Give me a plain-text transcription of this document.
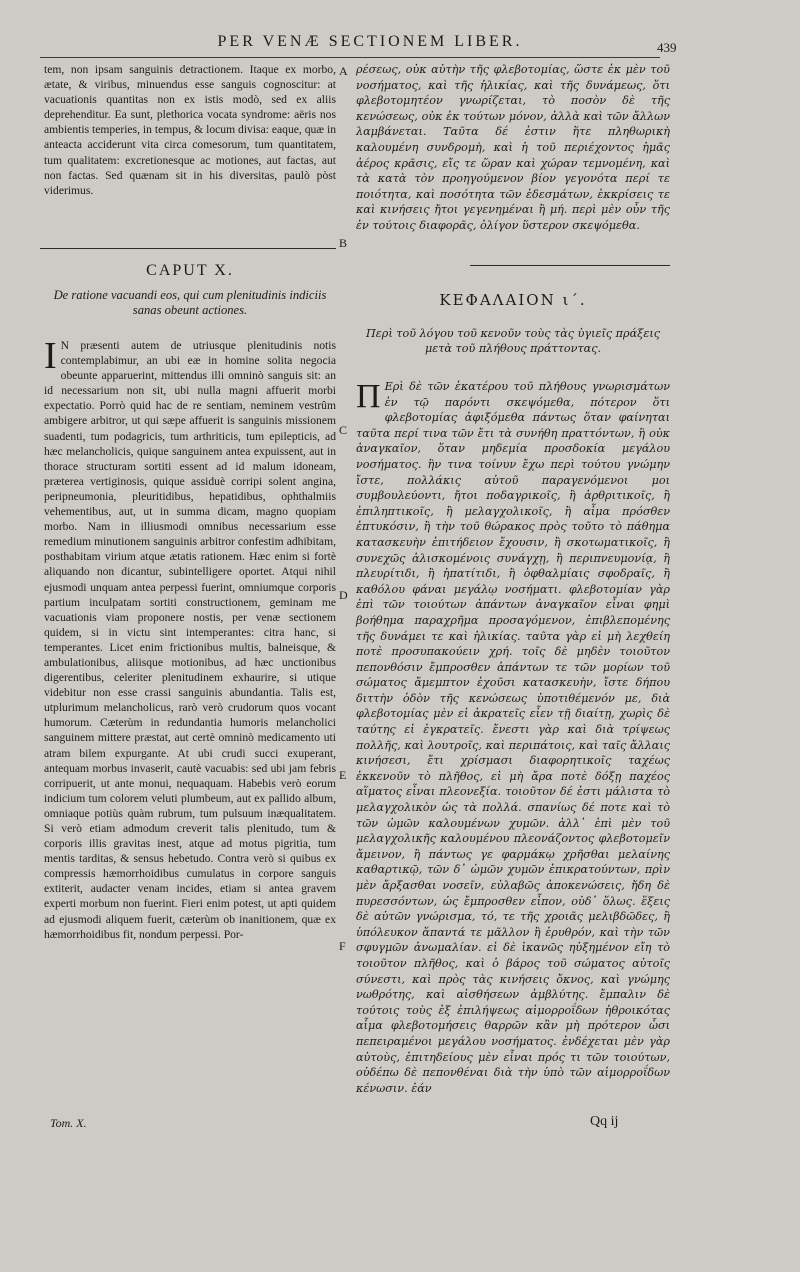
PER VENÆ SECTIONEM LIBER.	439

tem, non ipsam sanguinis detractionem. Itaque ex morbo, ætate, & viribus, minuendus esse sanguis cognoscitur: at vacuationis quantitas non ex istis modò, sed ex aliis deprehenditur. Ea sunt, plethorica vocata syndrome: aëris nos ambientis temperies, in tempus, & locum divisa: eaque, quæ in anteacta acciderunt vita circa comesorum, tum quantitatem, tum qualitatem: excretionesque ac motiones, aut factas, aut non factas. Sed quænam sit in his diversitas, paulò pòst viderimus.

CAPUT X.
De ratione vacuandi eos, qui cum plenitudinis indiciis sanas obeunt actiones.

I N præsenti autem de utriusque plenitudinis notis contemplabimur, an ubi eæ in homine solita negocia obeunte apparuerint, mittendus illi omninò sanguis sit: an id necessarium non sit, ubi nulla magni affuerit morbi expectatio. Porrò quid hac de re sentiam, neminem vestrûm ambigere arbitror, ut qui sæpe affuerit is sanguinis missionem suadenti, tum podagricis, tum arthriticis, tum epilepticis, ad hæc melancholicis, quique sanguinem antea expuissent, aut in thorace structuram sortiti essent ad id malum idoneam, præterea vertiginosis, quique assiduè corripi solent angina, peripneumonia, pleuritidibus, hepatidibus, ophthalmiis vehementibus, aut, ut in summa dicam, magno quopiam morbo. Nam in illiusmodi omnibus necessarium esse remedium minutionem sanguinis arbitror confestim adhibitam, posthabitam virium atque ætatis rationem. Hæc enim si fortè aliquando non dicantur, subintelligere oportet. Atqui nihil ejusmodi unquam antea perpessi fuerint, omniumque corporis partium inculpatam sortiti constructionem, geminam me vacuationis viam proponere nostis, per venæ sectionem quidem, si in victu sint intemperantes: citra hanc, si temperantes. Licet enim frictionibus multis, balneisque, & ambulationibus, aliisque motionibus, ad hæc unctionibus digerentibus, celeriter plenitudinem exhaurire, si utique videbitur non esse crassi sanguinis abundantia. Talis est, utplurimum melancholicus, rarò verò crudorum quos vocant humorum. Cæterùm in redundantia humoris melancholici sanguinem mittere præstat, aut certè omninò medicamento uti atram bilem expurgante. At ubi crudi succi exuperant, antequam morbus invaserit, cautè vacuabis: sed ubi jam febris corripuerit, ut ante monui, nequaquam. Habebis verò eorum indicium tum colorem veluti plumbeum, aut ex pallido album, omniaque potiùs quàm rubrum, tum pulsuum inæqualitatem. Si verò etiam admodum creverit talis plenitudo, tum & corporis illis gravitas inest, atque ad motus pigritia, tum mentis tarditas, & sensus hebetudo. Contra verò si quibus ex compressis hæmorrhoidibus cumulatus in corpore sanguis extiterit, audacter venam incides, etiam si antea gravem experti morbum non fuerint. Fieri enim potest, ut apti quidem ad ejusmodi aliquem fuerit, cæterùm ob inanitionem, quæ ex hæmorrhoidibus fit, nondum perpessi. Por-

A
B
C
D
E
F

ρέσεως, οὐκ αὐτὴν τῆς φλεβοτομίας, ὥστε ἐκ μὲν τοῦ νοσήματος, καὶ τῆς ἡλικίας, καὶ τῆς δυνάμεως, ὅτι φλεβοτομητέον γνωρίζεται, τὸ ποσὸν δὲ τῆς κενώσεως, οὐκ ἐκ τούτων μόνον, ἀλλὰ καὶ τῶν ἄλλων λαμβάνεται. Ταῦτα δέ ἐστιν ἥτε πληθωρικὴ καλουμένη συνδρομὴ, καὶ ἡ τοῦ περιέχοντος ἡμᾶς ἀέρος κρᾶσις, εἴς τε ὥραν καὶ χώραν τεμνομένη, καὶ τὰ κατὰ τὸν προηγούμενον βίον γεγονότα περί τε ποιότητα, καὶ ποσότητα τῶν ἐδεσμάτων, ἐκκρίσεις τε καὶ κινήσεις ἤτοι γεγενημέναι ἢ μή. περὶ μὲν οὖν τῆς ἐν τούτοις διαφορᾶς, ὀλίγον ὕστερον σκεψόμεθα.

ΚΕΦΑΛΑΙΟΝ ι΄.
Περὶ τοῦ λόγου τοῦ κενοῦν τοὺς τὰς ὑγιεῖς πράξεις μετὰ τοῦ πλήθους πράττοντας.

Π Ερὶ δὲ τῶν ἑκατέρου τοῦ πλήθους γνωρισμάτων ἐν τῷ παρόντι σκεψόμεθα, πότερον ὅτι φλεβοτομίας ἀφιξόμεθα πάντως ὅταν φαίνηται ταῦτα περί τινα τῶν ἔτι τὰ συνήθη πραττόντων, ἢ οὐκ ἀναγκαῖον, ὅταν μηδεμία προσδοκία μεγάλου νοσήματος. ἣν τινα τοίνυν ἔχω περὶ τούτου γνώμην ἴστε, πολλάκις αὐτοῦ παραγενόμενοι μοι συμβουλεύοντι, ἤτοι ποδαγρικοῖς, ἢ ἀρθριτικοῖς, ἢ ἐπιληπτικοῖς, ἢ μελαγχολικοῖς, ἢ αἷμα πρόσθεν ἐπτυκόσιν, ἢ τὴν τοῦ θώρακος πρὸς τοῦτο τὸ πάθημα κατασκευὴν ἐπιτήδειον ἔχουσιν, ἢ σκοτωματικοῖς, ἢ συνεχῶς ἁλισκομένοις συνάγχῃ, ἢ περιπνευμονίᾳ, ἢ πλευρίτιδι, ἢ ἡπατίτιδι, ἢ ὀφθαλμίαις σφοδραῖς, ἢ καθόλου φάναι μεγάλῳ νοσήματι. φλεβοτομίαν γὰρ ἐπὶ τῶν τοιούτων ἁπάντων ἀναγκαῖον εἶναι φημὶ βοήθημα παραχρῆμα προσαγόμενον, ἐπιβλεπομένης τῆς δυνάμει τε καὶ ἡλικίας. ταῦτα γὰρ εἰ μὴ λεχθείη ποτὲ προσυπακούειν χρή. τοῖς δὲ μηδὲν τοιοῦτον πεπονθόσιν ἔμπροσθεν ἁπάντων τε τῶν μορίων τοῦ σώματος ἄμεμπτον ἐχοῦσι κατασκευὴν, ἴστε δήπου διττὴν ὁδὸν τῆς κενώσεως ὑποτιθέμενόν με, διὰ φλεβοτομίας μὲν εἰ ἀκρατεῖς εἶεν τῇ διαίτῃ, χωρὶς δὲ ταύτης εἰ ἐγκρατεῖς. ἔνεστι γὰρ καὶ διὰ τρίψεως πολλῆς, καὶ λουτροῖς, καὶ περιπάτοις, καὶ ταῖς ἄλλαις κινήσεσι, ἔτι χρίσμασι διαφορητικοῖς ταχέως ἐκκενοῦν τὸ πλῆθος, εἰ μὴ ἄρα ποτὲ δόξῃ παχέος αἵματος εἶναι πλεονεξία. τοιοῦτον δέ ἐστι μάλιστα τὸ μελαγχολικὸν ὡς τὰ πολλά. σπανίως δέ ποτε καὶ τὸ τῶν ὠμῶν καλουμένων χυμῶν. ἀλλ᾽ ἐπὶ μὲν τοῦ μελαγχολικῆς καλουμένου πλεονάζοντος φλεβοτομεῖν ἄμεινον, ἢ πάντως γε φαρμάκῳ χρῆσθαι μελαίνης καθαρτικῷ, τῶν δ᾽ ὠμῶν χυμῶν ἐπικρατούντων, πρὶν μὲν ἄρξασθαι νοσεῖν, εὐλαβῶς ἀποκενώσεις, ἤδη δὲ πυρεσσόντων, ὡς ἔμπροσθεν εἶπον, οὐδ᾽ ὅλως. ἕξεις δὲ αὐτῶν γνώρισμα, τό, τε τῆς χροιᾶς μελιβδῶδες, ἢ ὑπόλευκον ἅπαντά τε μᾶλλον ἢ ἐρυθρόν, καὶ τὴν τῶν σφυγμῶν ἀνωμαλίαν. εἰ δὲ ἱκανῶς ηὐξημένον εἴη τὸ τοιοῦτον πλῆθος, καὶ ὁ βάρος τοῦ σώματος αὐτοῖς σύνεστι, καὶ πρὸς τὰς κινήσεις ὄκνος, καὶ γνώμης νωθρότης, καὶ αἰσθήσεων ἀμβλύτης. ἔμπαλιν δὲ τούτοις τοὺς ἐξ ἐπιλήψεως αἱμορροΐδων ἠθροικότας αἷμα φλεβοτομήσεις θαρρῶν κἂν μὴ πρότερον ὦσι πεπειραμένοι μεγάλου νοσήματος. ἐνδέχεται μὲν γὰρ αὐτοὺς, ἐπιτηδείους μὲν εἶναι πρός τι τῶν τοιούτων, οὐδέπω δὲ πεπονθέναι διὰ τὴν ὑπὸ τῶν αἱμορροΐδων κένωσιν. ἐάν

Tom. X.	Qq ij
